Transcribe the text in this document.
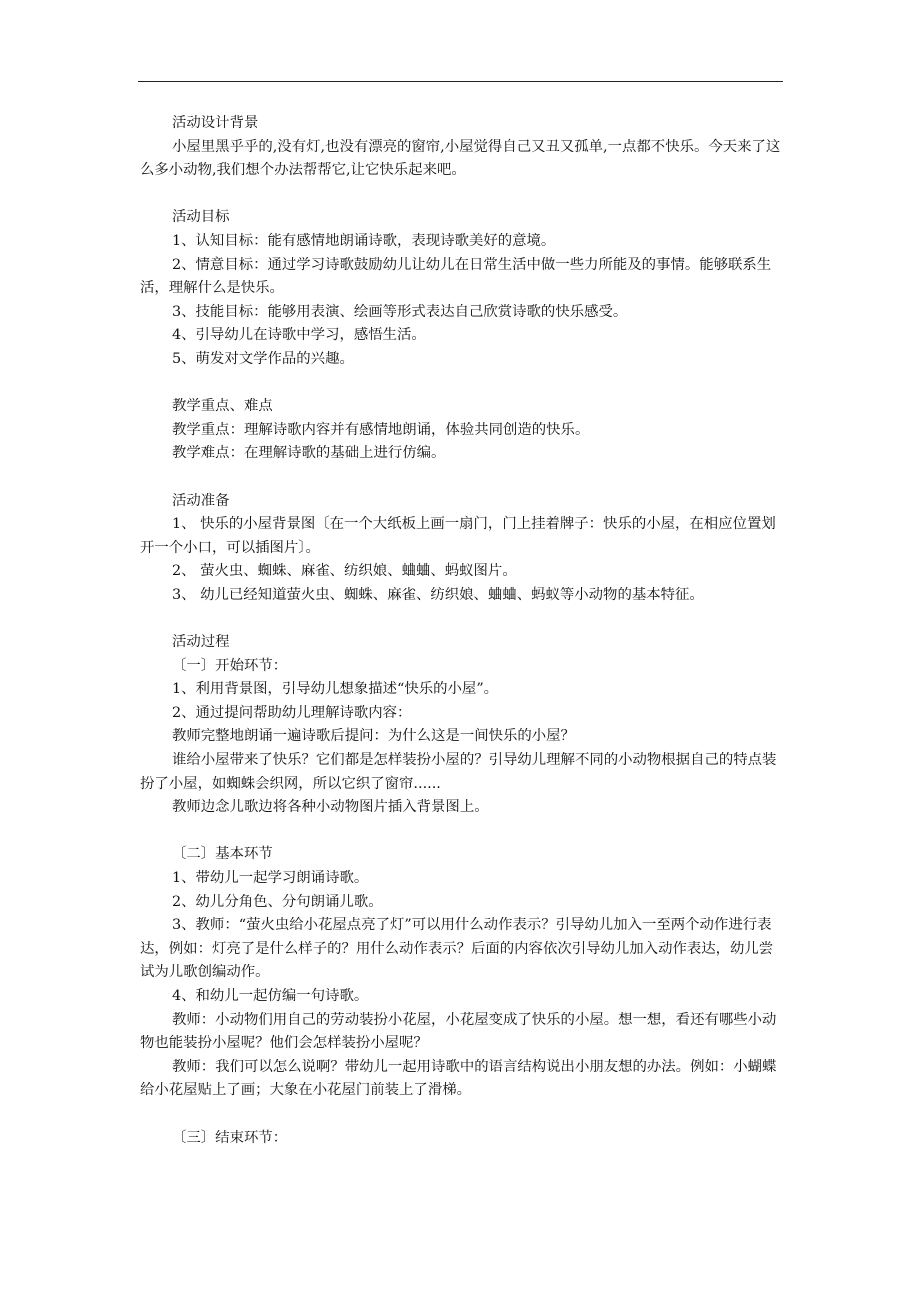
活动设计背景

小屋里黑乎乎的,没有灯,也没有漂亮的窗帘,小屋觉得自己又丑又孤单,一点都不快乐。今天来了这么多小动物,我们想个办法帮帮它,让它快乐起来吧。

活动目标

1、认知目标：能有感情地朗诵诗歌，表现诗歌美好的意境。

2、情意目标：通过学习诗歌鼓励幼儿让幼儿在日常生活中做一些力所能及的事情。能够联系生活，理解什么是快乐。

3、技能目标：能够用表演、绘画等形式表达自己欣赏诗歌的快乐感受。

4、引导幼儿在诗歌中学习，感悟生活。

5、萌发对文学作品的兴趣。

教学重点、难点

教学重点：理解诗歌内容并有感情地朗诵，体验共同创造的快乐。

教学难点：在理解诗歌的基础上进行仿编。

活动准备

1、 快乐的小屋背景图〔在一个大纸板上画一扇门，门上挂着牌子：快乐的小屋，在相应位置划开一个小口，可以插图片〕。

2、 萤火虫、蜘蛛、麻雀、纺织娘、蛐蛐、蚂蚁图片。

3、 幼儿已经知道萤火虫、蜘蛛、麻雀、纺织娘、蛐蛐、蚂蚁等小动物的基本特征。

活动过程

〔一〕开始环节：

1、利用背景图，引导幼儿想象描述“快乐的小屋”。

2、通过提问帮助幼儿理解诗歌内容：

教师完整地朗诵一遍诗歌后提问：为什么这是一间快乐的小屋？

谁给小屋带来了快乐？它们都是怎样装扮小屋的？引导幼儿理解不同的小动物根据自己的特点装扮了小屋，如蜘蛛会织网，所以它织了窗帘......

教师边念儿歌边将各种小动物图片插入背景图上。

〔二〕基本环节

1、带幼儿一起学习朗诵诗歌。

2、幼儿分角色、分句朗诵儿歌。

3、教师：“萤火虫给小花屋点亮了灯”可以用什么动作表示？引导幼儿加入一至两个动作进行表达，例如：灯亮了是什么样子的？用什么动作表示？后面的内容依次引导幼儿加入动作表达，幼儿尝试为儿歌创编动作。

4、和幼儿一起仿编一句诗歌。

教师：小动物们用自己的劳动装扮小花屋，小花屋变成了快乐的小屋。想一想，看还有哪些小动物也能装扮小屋呢？他们会怎样装扮小屋呢？

教师：我们可以怎么说啊？带幼儿一起用诗歌中的语言结构说出小朋友想的办法。例如：小蝴蝶给小花屋贴上了画；大象在小花屋门前装上了滑梯。

〔三〕结束环节：
